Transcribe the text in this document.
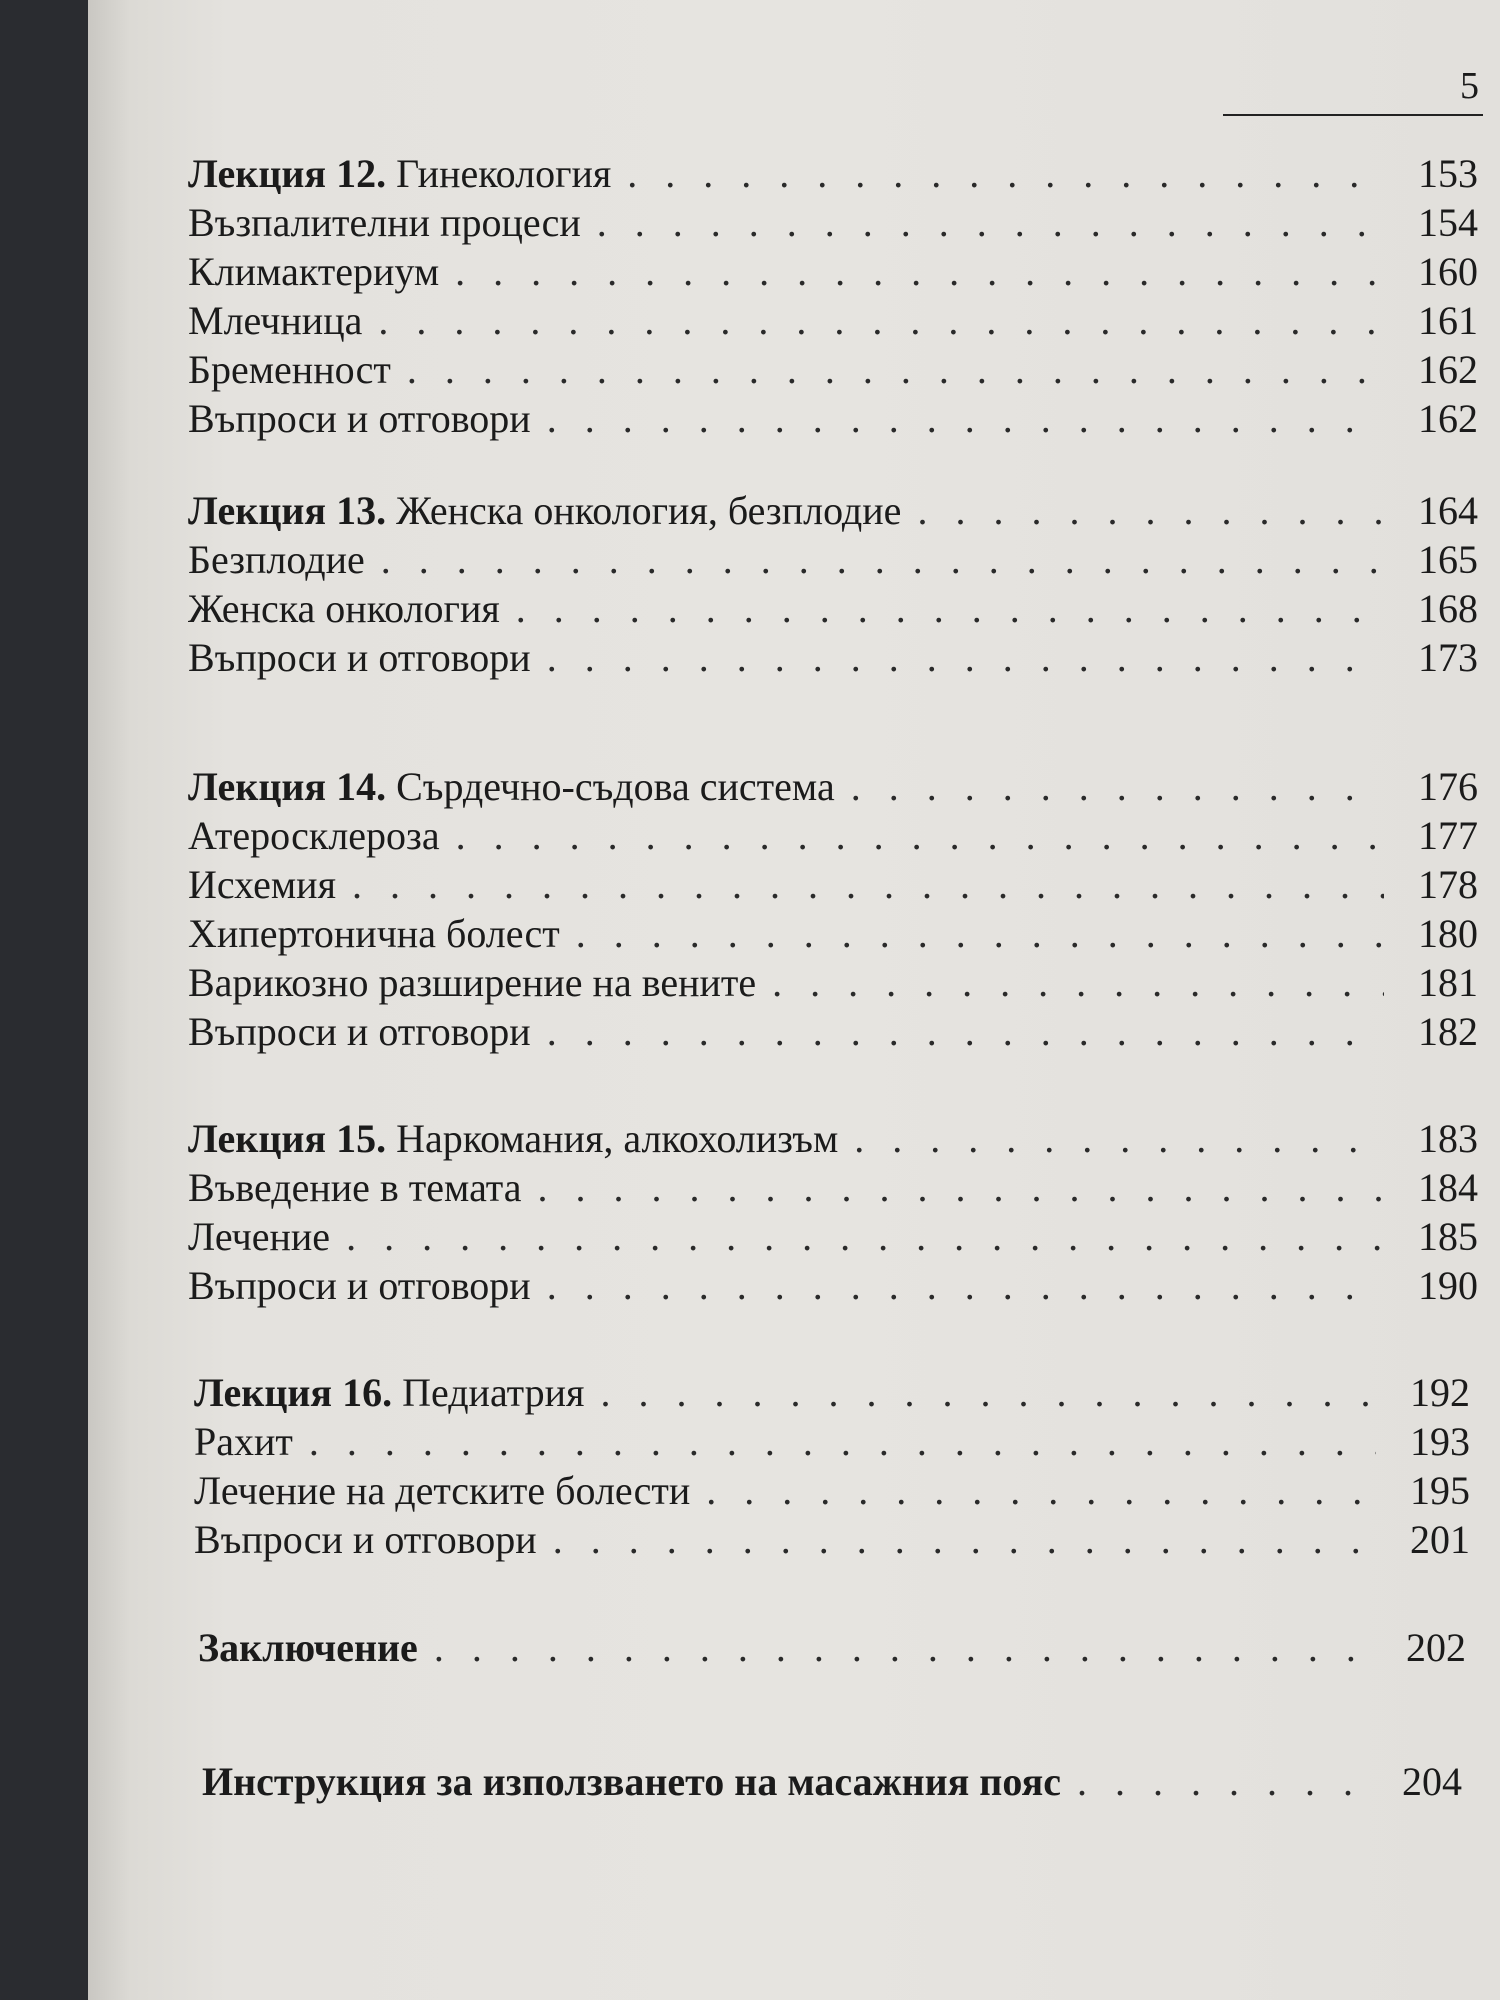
5
Лекция 12. Гинекология . . .	153
Възпалителни процеси . . .	154
Климактериум . . .	160
Млечница . . .	161
Бременност . . .	162
Въпроси и отговори . . .	162
Лекция 13. Женска онкология, безплодие . . .	164
Безплодие . . .	165
Женска онкология . . .	168
Въпроси и отговори . . .	173
Лекция 14. Сърдечно-съдова система . . .	176
Атеросклероза . . .	177
Исхемия . . .	178
Хипертонична болест . . .	180
Варикозно разширение на вените . . .	181
Въпроси и отговори . . .	182
Лекция 15. Наркомания, алкохолизъм . . .	183
Въведение в темата . . .	184
Лечение . . .	185
Въпроси и отговори . . .	190
Лекция 16. Педиатрия . . .	192
Рахит . . .	193
Лечение на детските болести . . .	195
Въпроси и отговори . . .	201
Заключение . . .	202
Инструкция за използването на масажния пояс . . .	204
